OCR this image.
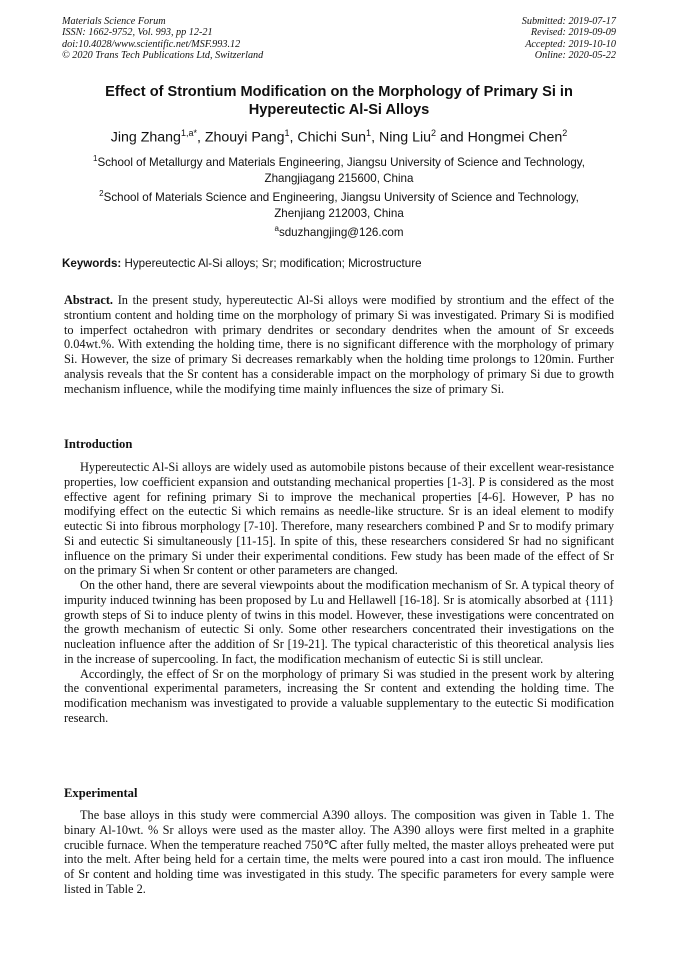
Materials Science Forum
ISSN: 1662-9752, Vol. 993, pp 12-21
doi:10.4028/www.scientific.net/MSF.993.12
© 2020 Trans Tech Publications Ltd, Switzerland
Submitted: 2019-07-17
Revised: 2019-09-09
Accepted: 2019-10-10
Online: 2020-05-22
Effect of Strontium Modification on the Morphology of Primary Si in
Hypereutectic Al-Si Alloys
Jing Zhang$^{1,a*}$, Zhouyi Pang$^1$, Chichi Sun$^1$, Ning Liu$^2$ and Hongmei Chen$^2$
$^1$School of Metallurgy and Materials Engineering, Jiangsu University of Science and Technology,
Zhangjiagang 215600, China
$^2$School of Materials Science and Engineering, Jiangsu University of Science and Technology,
Zhenjiang 212003, China
$^a$sduzhangjing@126.com
Keywords: Hypereutectic Al-Si alloys; Sr; modification; Microstructure

Abstract. In the present study, hypereutectic Al-Si alloys were modified by strontium and the effect of the strontium content and holding time on the morphology of primary Si was investigated. Primary Si is modified to imperfect octahedron with primary dendrites or secondary dendrites when the amount of Sr exceeds 0.04wt.%. With extending the holding time, there is no significant difference with the morphology of primary Si. However, the size of primary Si decreases remarkably when the holding time prolongs to 120min. Further analysis reveals that the Sr content has a considerable impact on the morphology of primary Si due to growth mechanism influence, while the modifying time mainly influences the size of primary Si.

Introduction

Hypereutectic Al-Si alloys are widely used as automobile pistons because of their excellent wear-resistance properties, low coefficient expansion and outstanding mechanical properties [1-3]. P is considered as the most effective agent for refining primary Si to improve the mechanical properties [4-6]. However, P has no modifying effect on the eutectic Si which remains as needle-like structure. Sr is an ideal element to modify eutectic Si into fibrous morphology [7-10]. Therefore, many researchers combined P and Sr to modify primary Si and eutectic Si simultaneously [11-15]. In spite of this, these researchers considered Sr had no significant influence on the primary Si under their experimental conditions. Few study has been made of the effect of Sr on the primary Si when Sr content or other parameters are changed.

On the other hand, there are several viewpoints about the modification mechanism of Sr. A typical theory of impurity induced twinning has been proposed by Lu and Hellawell [16-18]. Sr is atomically absorbed at {111} growth steps of Si to induce plenty of twins in this model. However, these investigations were concentrated on the growth mechanism of eutectic Si only. Some other researchers concentrated their investigations on the nucleation influence after the addition of Sr [19-21]. The typical characteristic of this theoretical analysis lies in the increase of supercooling. In fact, the modification mechanism of eutectic Si is still unclear.

Accordingly, the effect of Sr on the morphology of primary Si was studied in the present work by altering the conventional experimental parameters, increasing the Sr content and extending the holding time. The modification mechanism was investigated to provide a valuable supplementary to the eutectic Si modification research.

Experimental

The base alloys in this study were commercial A390 alloys. The composition was given in Table 1. The binary Al-10wt. % Sr alloys were used as the master alloy. The A390 alloys were first melted in a graphite crucible furnace. When the temperature reached 750℃ after fully melted, the master alloys preheated were put into the melt. After being held for a certain time, the melts were poured into a cast iron mould. The influence of Sr content and holding time was investigated in this study. The specific parameters for every sample were listed in Table 2.
